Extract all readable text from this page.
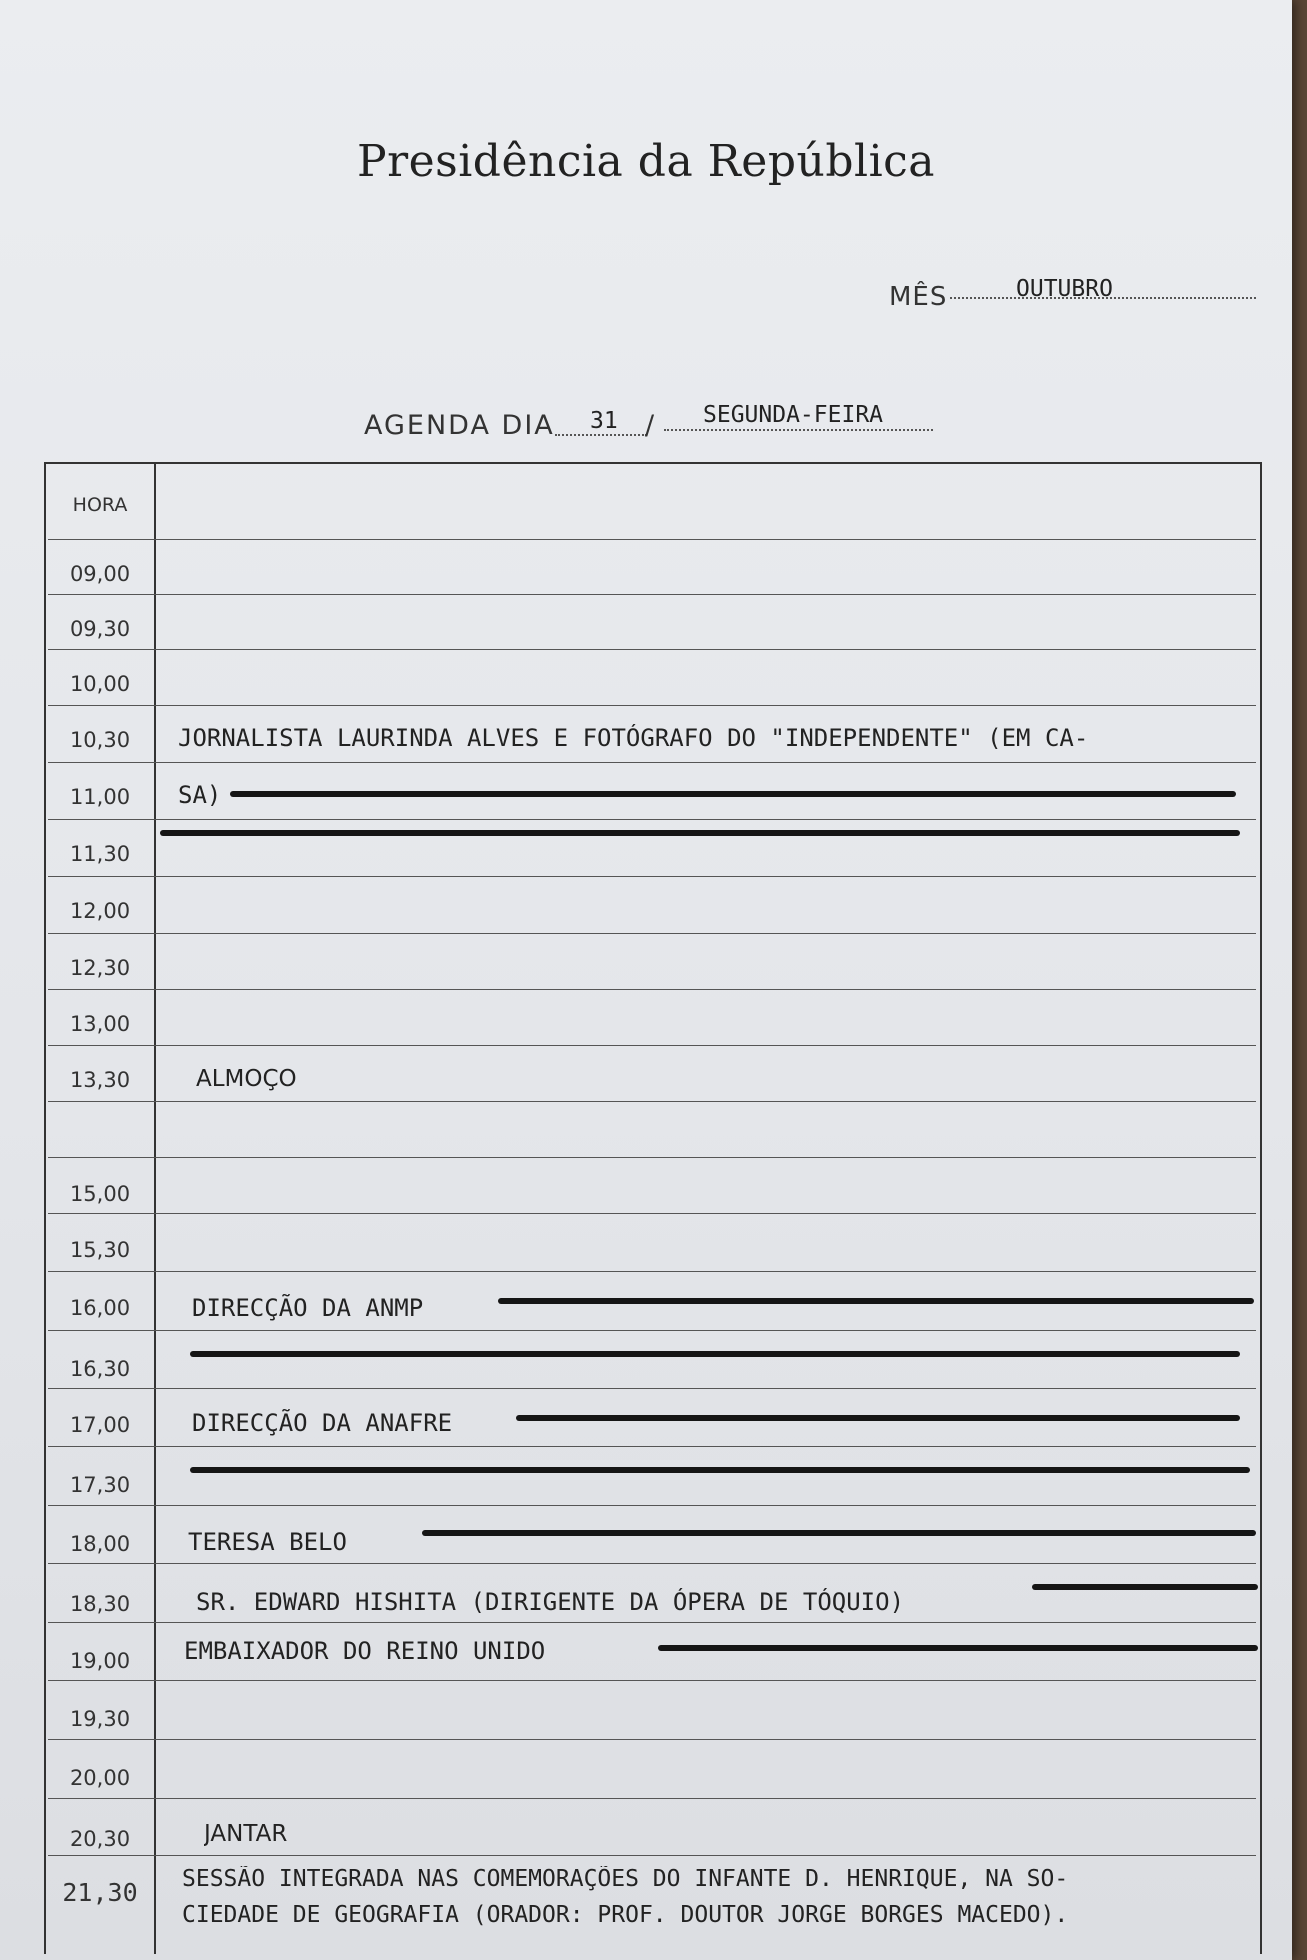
Presidência da República
MÊS	OUTUBRO
AGENDA DIA 31 / SEGUNDA-FEIRA
HORA
09,00
09,30
10,00
10,30	JORNALISTA LAURINDA ALVES E FOTÓGRAFO DO "INDEPENDENTE" (EM CA-
11,00	SA)
11,30
12,00
12,30
13,00
13,30	ALMOÇO
15,00
15,30
16,00	DIRECÇÃO DA ANMP
16,30
17,00	DIRECÇÃO DA ANAFRE
17,30
18,00	TERESA BELO
18,30	SR. EDWARD HISHITA (DIRIGENTE DA ÓPERA DE TÓQUIO)
19,00	EMBAIXADOR DO REINO UNIDO
19,30
20,00
20,30	JANTAR
21,30	SESSÃO INTEGRADA NAS COMEMORAÇÕES DO INFANTE D. HENRIQUE, NA SO-
CIEDADE DE GEOGRAFIA (ORADOR: PROF. DOUTOR JORGE BORGES MACEDO).
